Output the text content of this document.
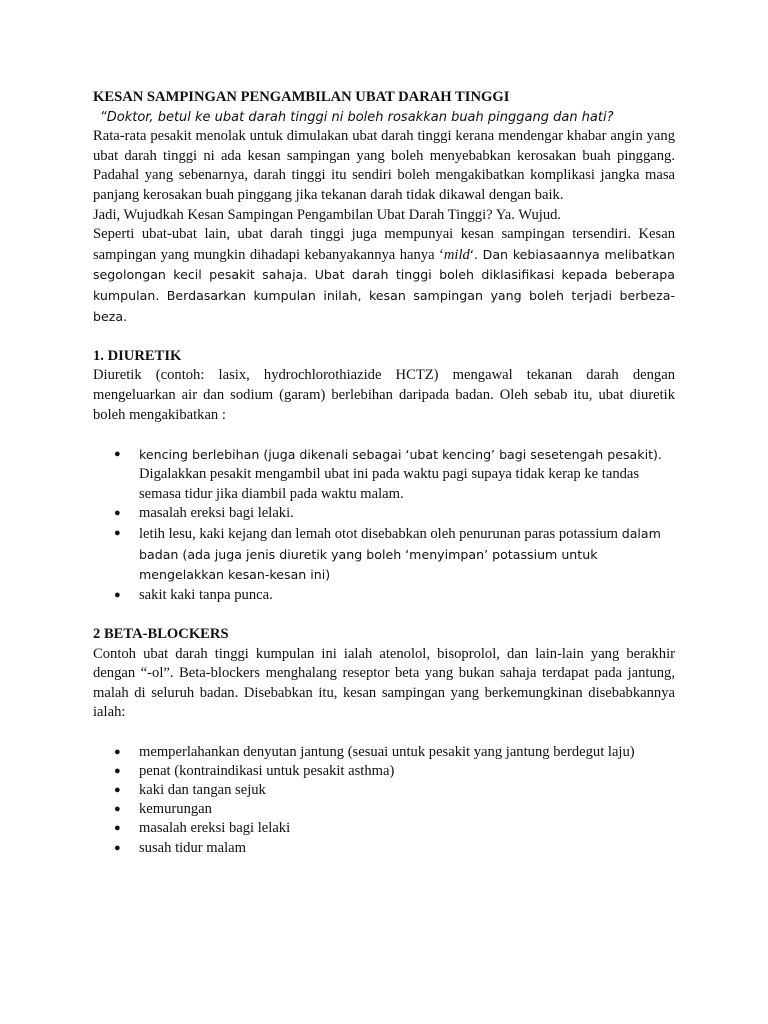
KESAN SAMPINGAN PENGAMBILAN UBAT DARAH TINGGI

“Doktor, betul ke ubat darah tinggi ni boleh rosakkan buah pinggang dan hati?

Rata-rata pesakit menolak untuk dimulakan ubat darah tinggi kerana mendengar khabar angin yang ubat darah tinggi ni ada kesan sampingan yang boleh menyebabkan kerosakan buah pinggang. Padahal yang sebenarnya, darah tinggi itu sendiri boleh mengakibatkan komplikasi jangka masa panjang kerosakan buah pinggang jika tekanan darah tidak dikawal dengan baik.

Jadi, Wujudkah Kesan Sampingan Pengambilan Ubat Darah Tinggi? Ya. Wujud.

Seperti ubat-ubat lain, ubat darah tinggi juga mempunyai kesan sampingan tersendiri. Kesan sampingan yang mungkin dihadapi kebanyakannya hanya ‘mild‘. Dan kebiasaannya melibatkan segolongan kecil pesakit sahaja. Ubat darah tinggi boleh diklasifikasi kepada beberapa kumpulan. Berdasarkan kumpulan inilah, kesan sampingan yang boleh terjadi berbeza-beza.

1. DIURETIK

Diuretik (contoh: lasix, hydrochlorothiazide HCTZ) mengawal tekanan darah dengan mengeluarkan air dan sodium (garam) berlebihan daripada badan. Oleh sebab itu, ubat diuretik boleh mengakibatkan :

● kencing berlebihan (juga dikenali sebagai ‘ubat kencing’ bagi sesetengah pesakit). Digalakkan pesakit mengambil ubat ini pada waktu pagi supaya tidak kerap ke tandas semasa tidur jika diambil pada waktu malam.
● masalah ereksi bagi lelaki.
● letih lesu, kaki kejang dan lemah otot disebabkan oleh penurunan paras potassium dalam badan (ada juga jenis diuretik yang boleh ‘menyimpan’ potassium untuk mengelakkan kesan-kesan ini)
● sakit kaki tanpa punca.

2 BETA-BLOCKERS

Contoh ubat darah tinggi kumpulan ini ialah atenolol, bisoprolol, dan lain-lain yang berakhir dengan “-ol”. Beta-blockers menghalang reseptor beta yang bukan sahaja terdapat pada jantung, malah di seluruh badan. Disebabkan itu, kesan sampingan yang berkemungkinan disebabkannya ialah:

● memperlahankan denyutan jantung (sesuai untuk pesakit yang jantung berdegut laju)
● penat (kontraindikasi untuk pesakit asthma)
● kaki dan tangan sejuk
● kemurungan
● masalah ereksi bagi lelaki
● susah tidur malam
